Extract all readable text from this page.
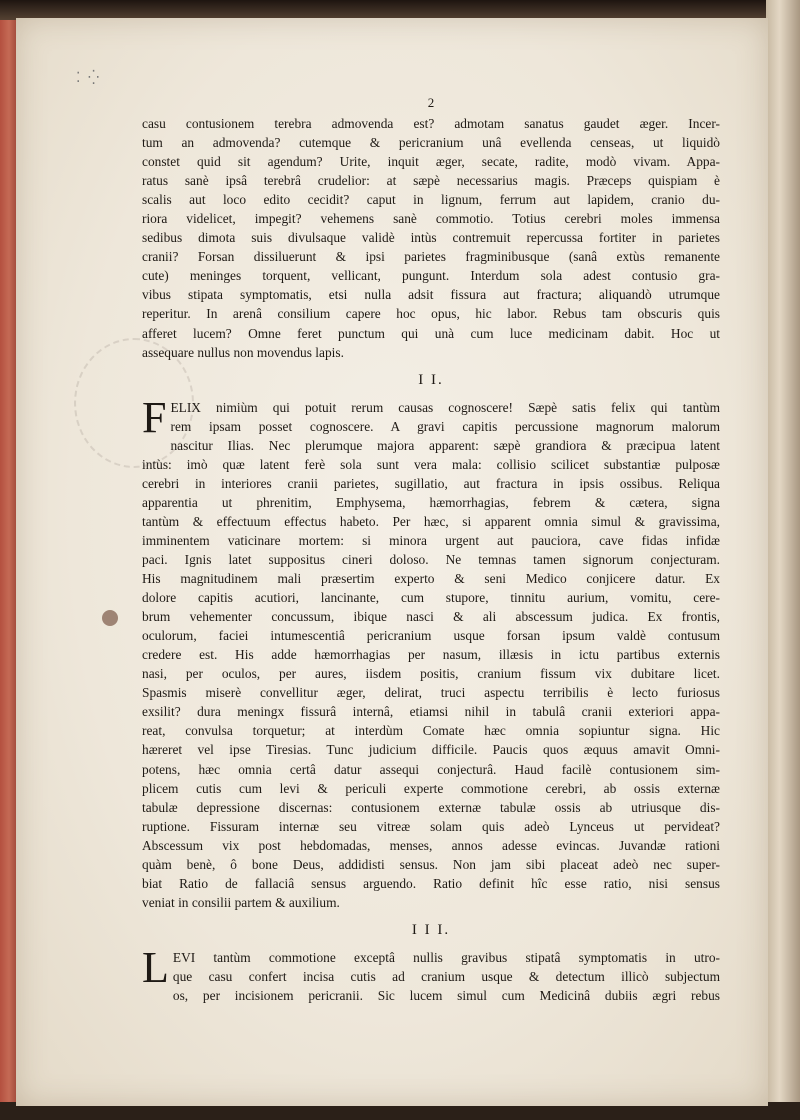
⁚ ⁛
2
casu contusionem terebra admovenda est? admotam sanatus gaudet æger. Incer-
tum an admovenda? cutemque & pericranium unâ evellenda censeas, ut liquidò
constet quid sit agendum? Urite, inquit æger, secate, radite, modò vivam. Appa-
ratus sanè ipsâ terebrâ crudelior: at sæpè necessarius magis. Præceps quispiam è
scalis aut loco edito cecidit? caput in lignum, ferrum aut lapidem, cranio du-
riora videlicet, impegit? vehemens sanè commotio. Totius cerebri moles immensa
sedibus dimota suis divulsaque validè intùs contremuit repercussa fortiter in parietes
cranii? Forsan dissiluerunt & ipsi parietes fragminibusque (sanâ extùs remanente
cute) meninges torquent, vellicant, pungunt. Interdum sola adest contusio gra-
vibus stipata symptomatis, etsi nulla adsit fissura aut fractura; aliquandò utrumque
reperitur. In arenâ consilium capere hoc opus, hic labor. Rebus tam obscuris quis
afferet lucem? Omne feret punctum qui unà cum luce medicinam dabit. Hoc ut
assequare nullus non movendus lapis.
I I.
F ELIX nimiùm qui potuit rerum causas cognoscere! Sæpè satis felix qui tantùm
rem ipsam posset cognoscere. A gravi capitis percussione magnorum malorum
nascitur Ilias. Nec plerumque majora apparent: sæpè grandiora & præcipua latent
intùs: imò quæ latent ferè sola sunt vera mala: collisio scilicet substantiæ pulposæ
cerebri in interiores cranii parietes, sugillatio, aut fractura in ipsis ossibus. Reliqua
apparentia ut phrenitim, Emphysema, hæmorrhagias, febrem & cætera, signa
tantùm & effectuum effectus habeto. Per hæc, si apparent omnia simul & gravissima,
imminentem vaticinare mortem: si minora urgent aut pauciora, cave fidas infidæ
paci. Ignis latet suppositus cineri doloso. Ne temnas tamen signorum conjecturam.
His magnitudinem mali præsertim experto & seni Medico conjicere datur. Ex
dolore capitis acutiori, lancinante, cum stupore, tinnitu aurium, vomitu, cere-
brum vehementer concussum, ibique nasci & ali abscessum judica. Ex frontis,
oculorum, faciei intumescentiâ pericranium usque forsan ipsum valdè contusum
credere est. His adde hæmorrhagias per nasum, illæsis in ictu partibus externis
nasi, per oculos, per aures, iisdem positis, cranium fissum vix dubitare licet.
Spasmis miserè convellitur æger, delirat, truci aspectu terribilis è lecto furiosus
exsilit? dura meningx fissurâ internâ, etiamsi nihil in tabulâ cranii exteriori appa-
reat, convulsa torquetur; at interdùm Comate hæc omnia sopiuntur signa. Hic
hæreret vel ipse Tiresias. Tunc judicium difficile. Paucis quos æquus amavit Omni-
potens, hæc omnia certâ datur assequi conjecturâ. Haud facilè contusionem sim-
plicem cutis cum levi & periculi experte commotione cerebri, ab ossis externæ
tabulæ depressione discernas: contusionem externæ tabulæ ossis ab utriusque dis-
ruptione. Fissuram internæ seu vitreæ solam quis adeò Lynceus ut pervideat?
Abscessum vix post hebdomadas, menses, annos adesse evincas. Juvandæ rationi
quàm benè, ô bone Deus, addidisti sensus. Non jam sibi placeat adeò nec super-
biat Ratio de fallaciâ sensus arguendo. Ratio definit hîc esse ratio, nisi sensus
veniat in consilii partem & auxilium.
I I I.
L EVI tantùm commotione exceptâ nullis gravibus stipatâ symptomatis in utro-
que casu confert incisa cutis ad cranium usque & detectum illicò subjectum
os, per incisionem pericranii. Sic lucem simul cum Medicinâ dubiis ægri rebus
